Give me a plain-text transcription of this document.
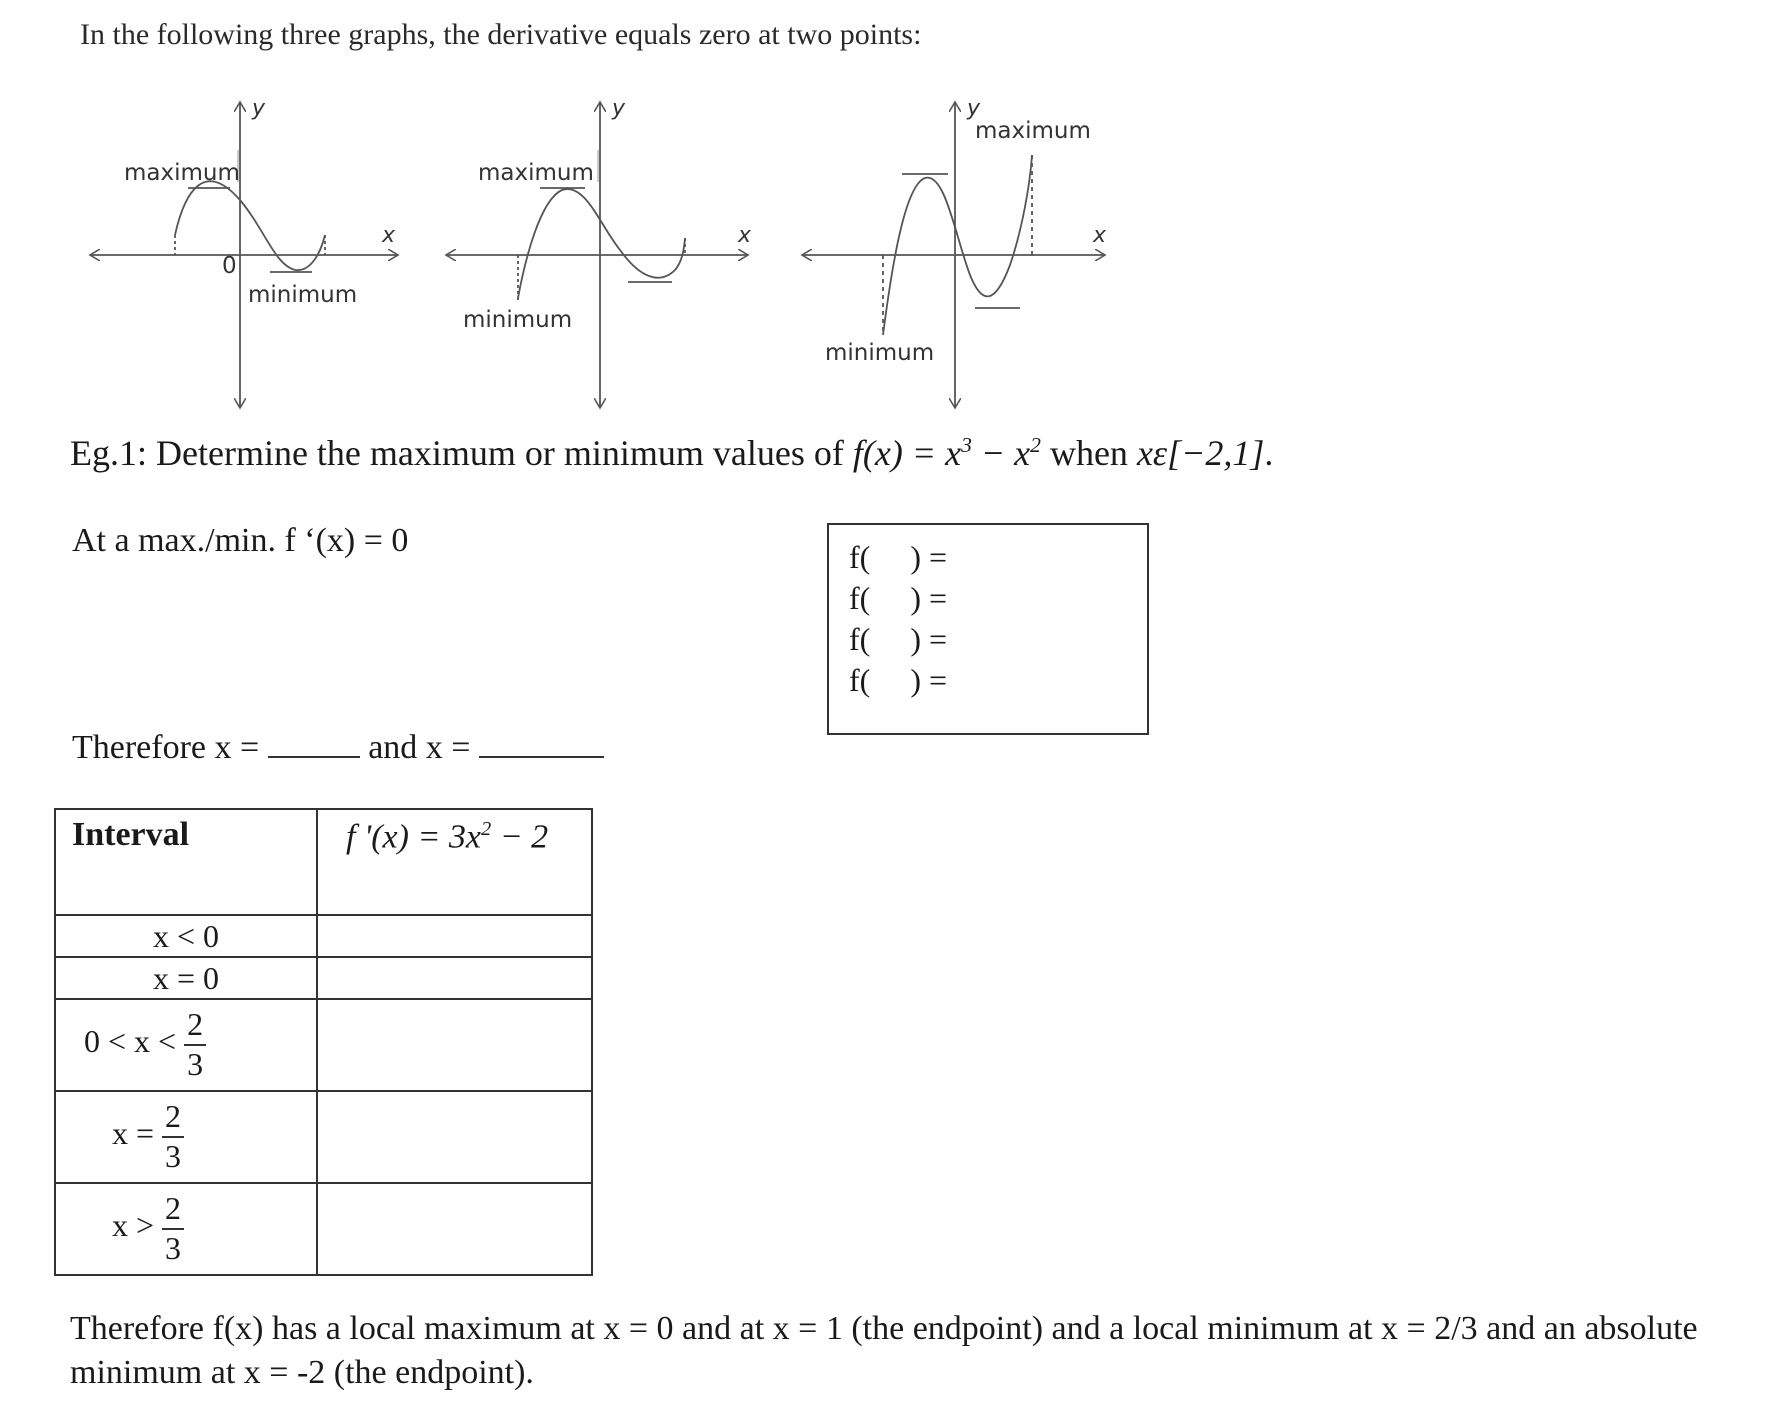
In the following three graphs, the derivative equals zero at two points:
y
x
0
maximum
minimum
y
x
maximum
minimum
y
x
maximum
minimum
Eg.1: Determine the maximum or minimum values of $f(x) = x^3 - x^2$ when xε[−2,1].
At a max./min. f ‘(x) = 0	f(     ) =
f(     ) =
f(     ) =
f(     ) =
Therefore x =	and x =
Interval	f '$(x) = 3x^2 - 2$
x < 0	
x = 0	
$0 < x < \frac{2}{3}$

$x = \frac{2}{3}$

$x > \frac{2}{3}$

Therefore f(x) has a local maximum at x = 0 and at x = 1 (the endpoint) and a local minimum at x = 2/3 and an absolute minimum at x = -2 (the endpoint).
